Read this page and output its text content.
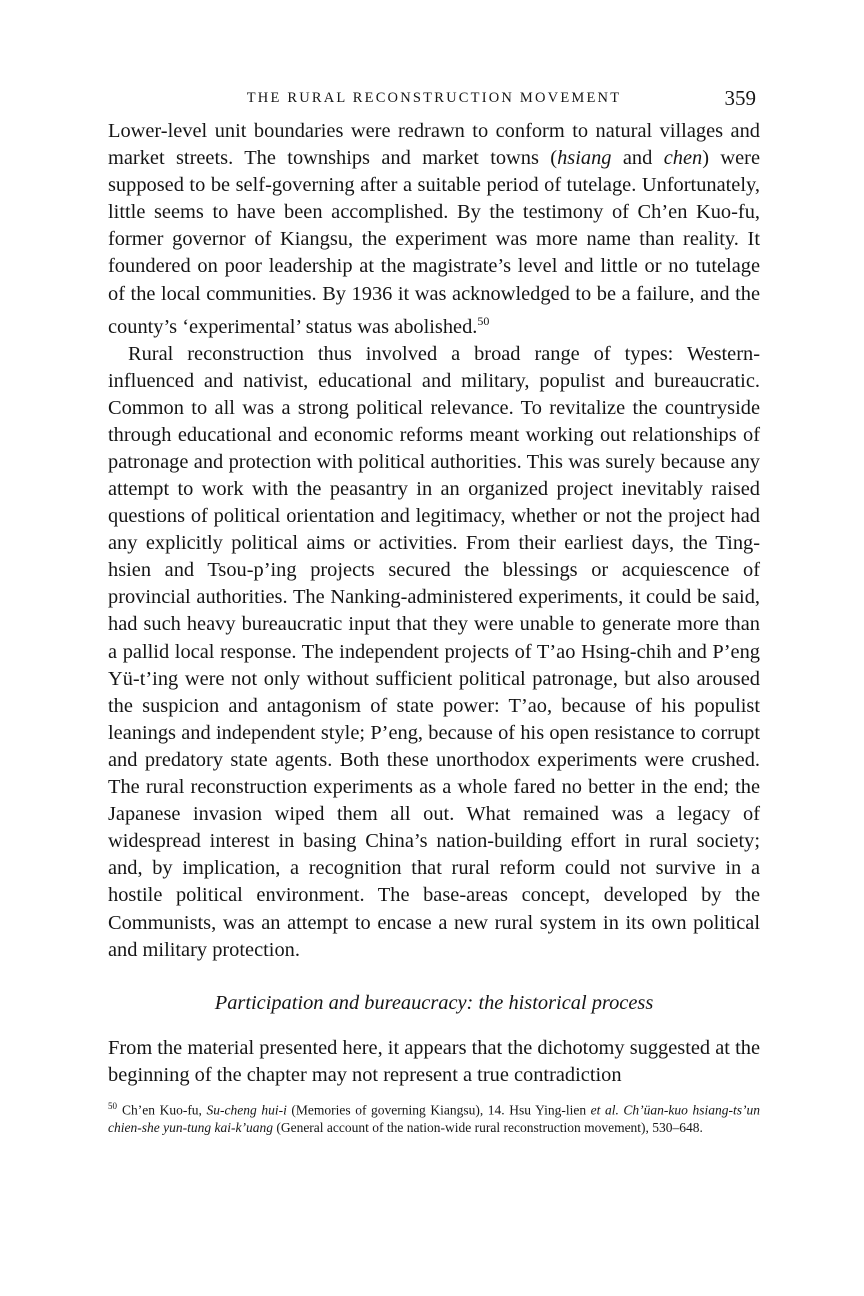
THE RURAL RECONSTRUCTION MOVEMENT	359

Lower-level unit boundaries were redrawn to conform to natural villages and market streets. The townships and market towns (hsiang and chen) were supposed to be self-governing after a suitable period of tutelage. Unfortunately, little seems to have been accomplished. By the testimony of Ch’en Kuo-fu, former governor of Kiangsu, the experiment was more name than reality. It foundered on poor leadership at the magistrate’s level and little or no tutelage of the local communities. By 1936 it was acknowledged to be a failure, and the county’s ‘experimental’ status was abolished.$^{50}$

Rural reconstruction thus involved a broad range of types: Western-influenced and nativist, educational and military, populist and bureaucratic. Common to all was a strong political relevance. To revitalize the countryside through educational and economic reforms meant working out relationships of patronage and protection with political authorities. This was surely because any attempt to work with the peasantry in an organized project inevitably raised questions of political orientation and legitimacy, whether or not the project had any explicitly political aims or activities. From their earliest days, the Ting-hsien and Tsou-p’ing projects secured the blessings or acquiescence of provincial authorities. The Nanking-administered experiments, it could be said, had such heavy bureaucratic input that they were unable to generate more than a pallid local response. The independent projects of T’ao Hsing-chih and P’eng Yü-t’ing were not only without sufficient political patronage, but also aroused the suspicion and antagonism of state power: T’ao, because of his populist leanings and independent style; P’eng, because of his open resistance to corrupt and predatory state agents. Both these unorthodox experiments were crushed. The rural reconstruction experiments as a whole fared no better in the end; the Japanese invasion wiped them all out. What remained was a legacy of widespread interest in basing China’s nation-building effort in rural society; and, by implication, a recognition that rural reform could not survive in a hostile political environment. The base-areas concept, developed by the Communists, was an attempt to encase a new rural system in its own political and military protection.

Participation and bureaucracy: the historical process

From the material presented here, it appears that the dichotomy suggested at the beginning of the chapter may not represent a true contradiction

$^{50}$ Ch’en Kuo-fu, Su-cheng hui-i (Memories of governing Kiangsu), 14. Hsu Ying-lien et al. Ch’üan-kuo hsiang-ts’un chien-she yun-tung kai-k’uang (General account of the nation-wide rural reconstruction movement), 530–648.
